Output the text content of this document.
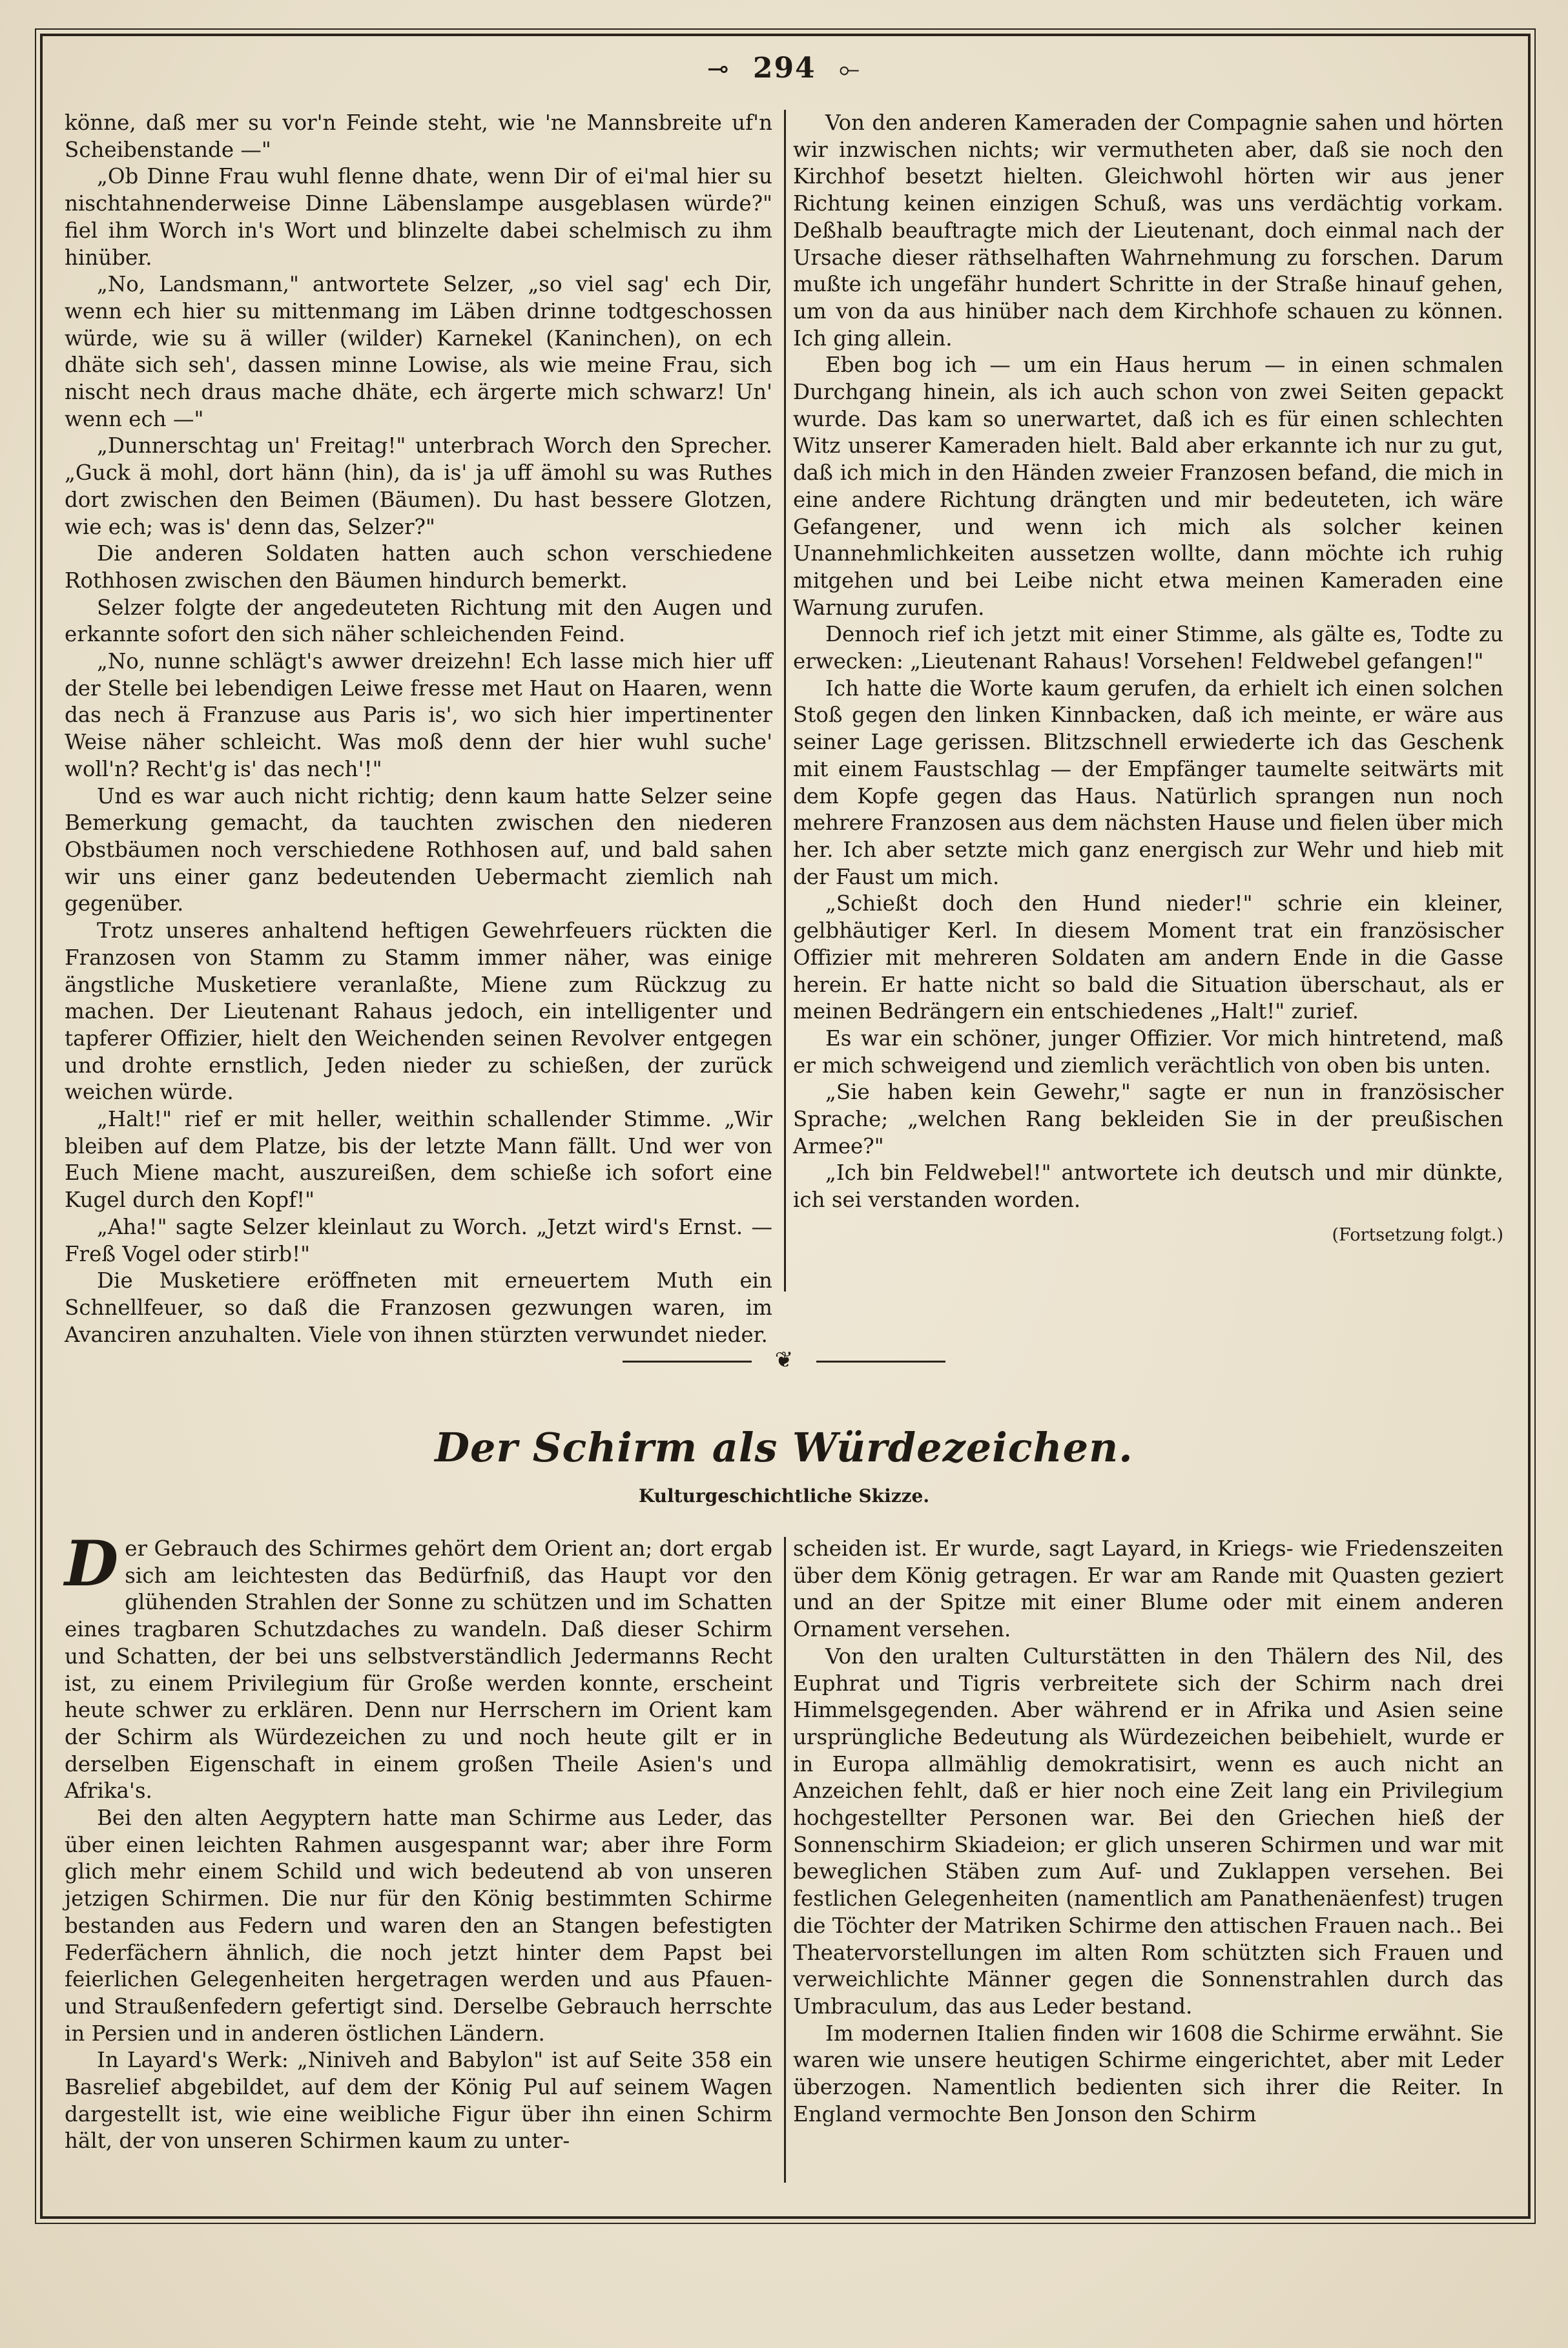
⊸ 294 ⟜

könne, daß mer su vor'n Feinde steht, wie 'ne Mannsbreite uf'n Scheibenstande —"

„Ob Dinne Frau wuhl flenne dhate, wenn Dir of ei'mal hier su nischtahnenderweise Dinne Läbenslampe ausgeblasen würde?" fiel ihm Worch in's Wort und blinzelte dabei schelmisch zu ihm hinüber.

„No, Landsmann," antwortete Selzer, „so viel sag' ech Dir, wenn ech hier su mittenmang im Läben drinne todtgeschossen würde, wie su ä willer (wilder) Karnekel (Kaninchen), on ech dhäte sich seh', dassen minne Lowise, als wie meine Frau, sich nischt nech draus mache dhäte, ech ärgerte mich schwarz! Un' wenn ech —"

„Dunnerschtag un' Freitag!" unterbrach Worch den Sprecher. „Guck ä mohl, dort hänn (hin), da is' ja uff ämohl su was Ruthes dort zwischen den Beimen (Bäumen). Du hast bessere Glotzen, wie ech; was is' denn das, Selzer?"

Die anderen Soldaten hatten auch schon verschiedene Rothhosen zwischen den Bäumen hindurch bemerkt.

Selzer folgte der angedeuteten Richtung mit den Augen und erkannte sofort den sich näher schleichenden Feind.

„No, nunne schlägt's awwer dreizehn! Ech lasse mich hier uff der Stelle bei lebendigen Leiwe fresse met Haut on Haaren, wenn das nech ä Franzuse aus Paris is', wo sich hier impertinenter Weise näher schleicht. Was moß denn der hier wuhl suche' woll'n? Recht'g is' das nech'!"

Und es war auch nicht richtig; denn kaum hatte Selzer seine Bemerkung gemacht, da tauchten zwischen den niederen Obstbäumen noch verschiedene Rothhosen auf, und bald sahen wir uns einer ganz bedeutenden Uebermacht ziemlich nah gegenüber.

Trotz unseres anhaltend heftigen Gewehrfeuers rückten die Franzosen von Stamm zu Stamm immer näher, was einige ängstliche Musketiere veranlaßte, Miene zum Rückzug zu machen. Der Lieutenant Rahaus jedoch, ein intelligenter und tapferer Offizier, hielt den Weichenden seinen Revolver entgegen und drohte ernstlich, Jeden nieder zu schießen, der zurück weichen würde.

„Halt!" rief er mit heller, weithin schallender Stimme. „Wir bleiben auf dem Platze, bis der letzte Mann fällt. Und wer von Euch Miene macht, auszureißen, dem schieße ich sofort eine Kugel durch den Kopf!"

„Aha!" sagte Selzer kleinlaut zu Worch. „Jetzt wird's Ernst. — Freß Vogel oder stirb!"

Die Musketiere eröffneten mit erneuertem Muth ein Schnellfeuer, so daß die Franzosen gezwungen waren, im Avanciren anzuhalten. Viele von ihnen stürzten verwundet nieder.

Von den anderen Kameraden der Compagnie sahen und hörten wir inzwischen nichts; wir vermutheten aber, daß sie noch den Kirchhof besetzt hielten. Gleichwohl hörten wir aus jener Richtung keinen einzigen Schuß, was uns verdächtig vorkam. Deßhalb beauftragte mich der Lieutenant, doch einmal nach der Ursache dieser räthselhaften Wahrnehmung zu forschen. Darum mußte ich ungefähr hundert Schritte in der Straße hinauf gehen, um von da aus hinüber nach dem Kirchhofe schauen zu können. Ich ging allein.

Eben bog ich — um ein Haus herum — in einen schmalen Durchgang hinein, als ich auch schon von zwei Seiten gepackt wurde. Das kam so unerwartet, daß ich es für einen schlechten Witz unserer Kameraden hielt. Bald aber erkannte ich nur zu gut, daß ich mich in den Händen zweier Franzosen befand, die mich in eine andere Richtung drängten und mir bedeuteten, ich wäre Gefangener, und wenn ich mich als solcher keinen Unannehmlichkeiten aussetzen wollte, dann möchte ich ruhig mitgehen und bei Leibe nicht etwa meinen Kameraden eine Warnung zurufen.

Dennoch rief ich jetzt mit einer Stimme, als gälte es, Todte zu erwecken: „Lieutenant Rahaus! Vorsehen! Feldwebel gefangen!"

Ich hatte die Worte kaum gerufen, da erhielt ich einen solchen Stoß gegen den linken Kinnbacken, daß ich meinte, er wäre aus seiner Lage gerissen. Blitzschnell erwiederte ich das Geschenk mit einem Faustschlag — der Empfänger taumelte seitwärts mit dem Kopfe gegen das Haus. Natürlich sprangen nun noch mehrere Franzosen aus dem nächsten Hause und fielen über mich her. Ich aber setzte mich ganz energisch zur Wehr und hieb mit der Faust um mich.

„Schießt doch den Hund nieder!" schrie ein kleiner, gelbhäutiger Kerl. In diesem Moment trat ein französischer Offizier mit mehreren Soldaten am andern Ende in die Gasse herein. Er hatte nicht so bald die Situation überschaut, als er meinen Bedrängern ein entschiedenes „Halt!" zurief.

Es war ein schöner, junger Offizier. Vor mich hintretend, maß er mich schweigend und ziemlich verächtlich von oben bis unten.

„Sie haben kein Gewehr," sagte er nun in französischer Sprache; „welchen Rang bekleiden Sie in der preußischen Armee?"

„Ich bin Feldwebel!" antwortete ich deutsch und mir dünkte, ich sei verstanden worden.

(Fortsetzung folgt.)

❦
Der Schirm als Würdezeichen.
Kulturgeschichtliche Skizze.

Der Gebrauch des Schirmes gehört dem Orient an; dort ergab sich am leichtesten das Bedürfniß, das Haupt vor den glühenden Strahlen der Sonne zu schützen und im Schatten eines tragbaren Schutzdaches zu wandeln. Daß dieser Schirm und Schatten, der bei uns selbstverständlich Jedermanns Recht ist, zu einem Privilegium für Große werden konnte, erscheint heute schwer zu erklären. Denn nur Herrschern im Orient kam der Schirm als Würdezeichen zu und noch heute gilt er in derselben Eigenschaft in einem großen Theile Asien's und Afrika's.

Bei den alten Aegyptern hatte man Schirme aus Leder, das über einen leichten Rahmen ausgespannt war; aber ihre Form glich mehr einem Schild und wich bedeutend ab von unseren jetzigen Schirmen. Die nur für den König bestimmten Schirme bestanden aus Federn und waren den an Stangen befestigten Federfächern ähnlich, die noch jetzt hinter dem Papst bei feierlichen Gelegenheiten hergetragen werden und aus Pfauen- und Straußenfedern gefertigt sind. Derselbe Gebrauch herrschte in Persien und in anderen östlichen Ländern.

In Layard's Werk: „Niniveh and Babylon" ist auf Seite 358 ein Basrelief abgebildet, auf dem der König Pul auf seinem Wagen dargestellt ist, wie eine weibliche Figur über ihn einen Schirm hält, der von unseren Schirmen kaum zu unter-

scheiden ist. Er wurde, sagt Layard, in Kriegs- wie Friedenszeiten über dem König getragen. Er war am Rande mit Quasten geziert und an der Spitze mit einer Blume oder mit einem anderen Ornament versehen.

Von den uralten Culturstätten in den Thälern des Nil, des Euphrat und Tigris verbreitete sich der Schirm nach drei Himmelsgegenden. Aber während er in Afrika und Asien seine ursprüngliche Bedeutung als Würdezeichen beibehielt, wurde er in Europa allmählig demokratisirt, wenn es auch nicht an Anzeichen fehlt, daß er hier noch eine Zeit lang ein Privilegium hochgestellter Personen war. Bei den Griechen hieß der Sonnenschirm Skiadeion; er glich unseren Schirmen und war mit beweglichen Stäben zum Auf- und Zuklappen versehen. Bei festlichen Gelegenheiten (namentlich am Panathenäenfest) trugen die Töchter der Matriken Schirme den attischen Frauen nach.. Bei Theatervorstellungen im alten Rom schützten sich Frauen und verweichlichte Männer gegen die Sonnenstrahlen durch das Umbraculum, das aus Leder bestand.

Im modernen Italien finden wir 1608 die Schirme erwähnt. Sie waren wie unsere heutigen Schirme eingerichtet, aber mit Leder überzogen. Namentlich bedienten sich ihrer die Reiter. In England vermochte Ben Jonson den Schirm
